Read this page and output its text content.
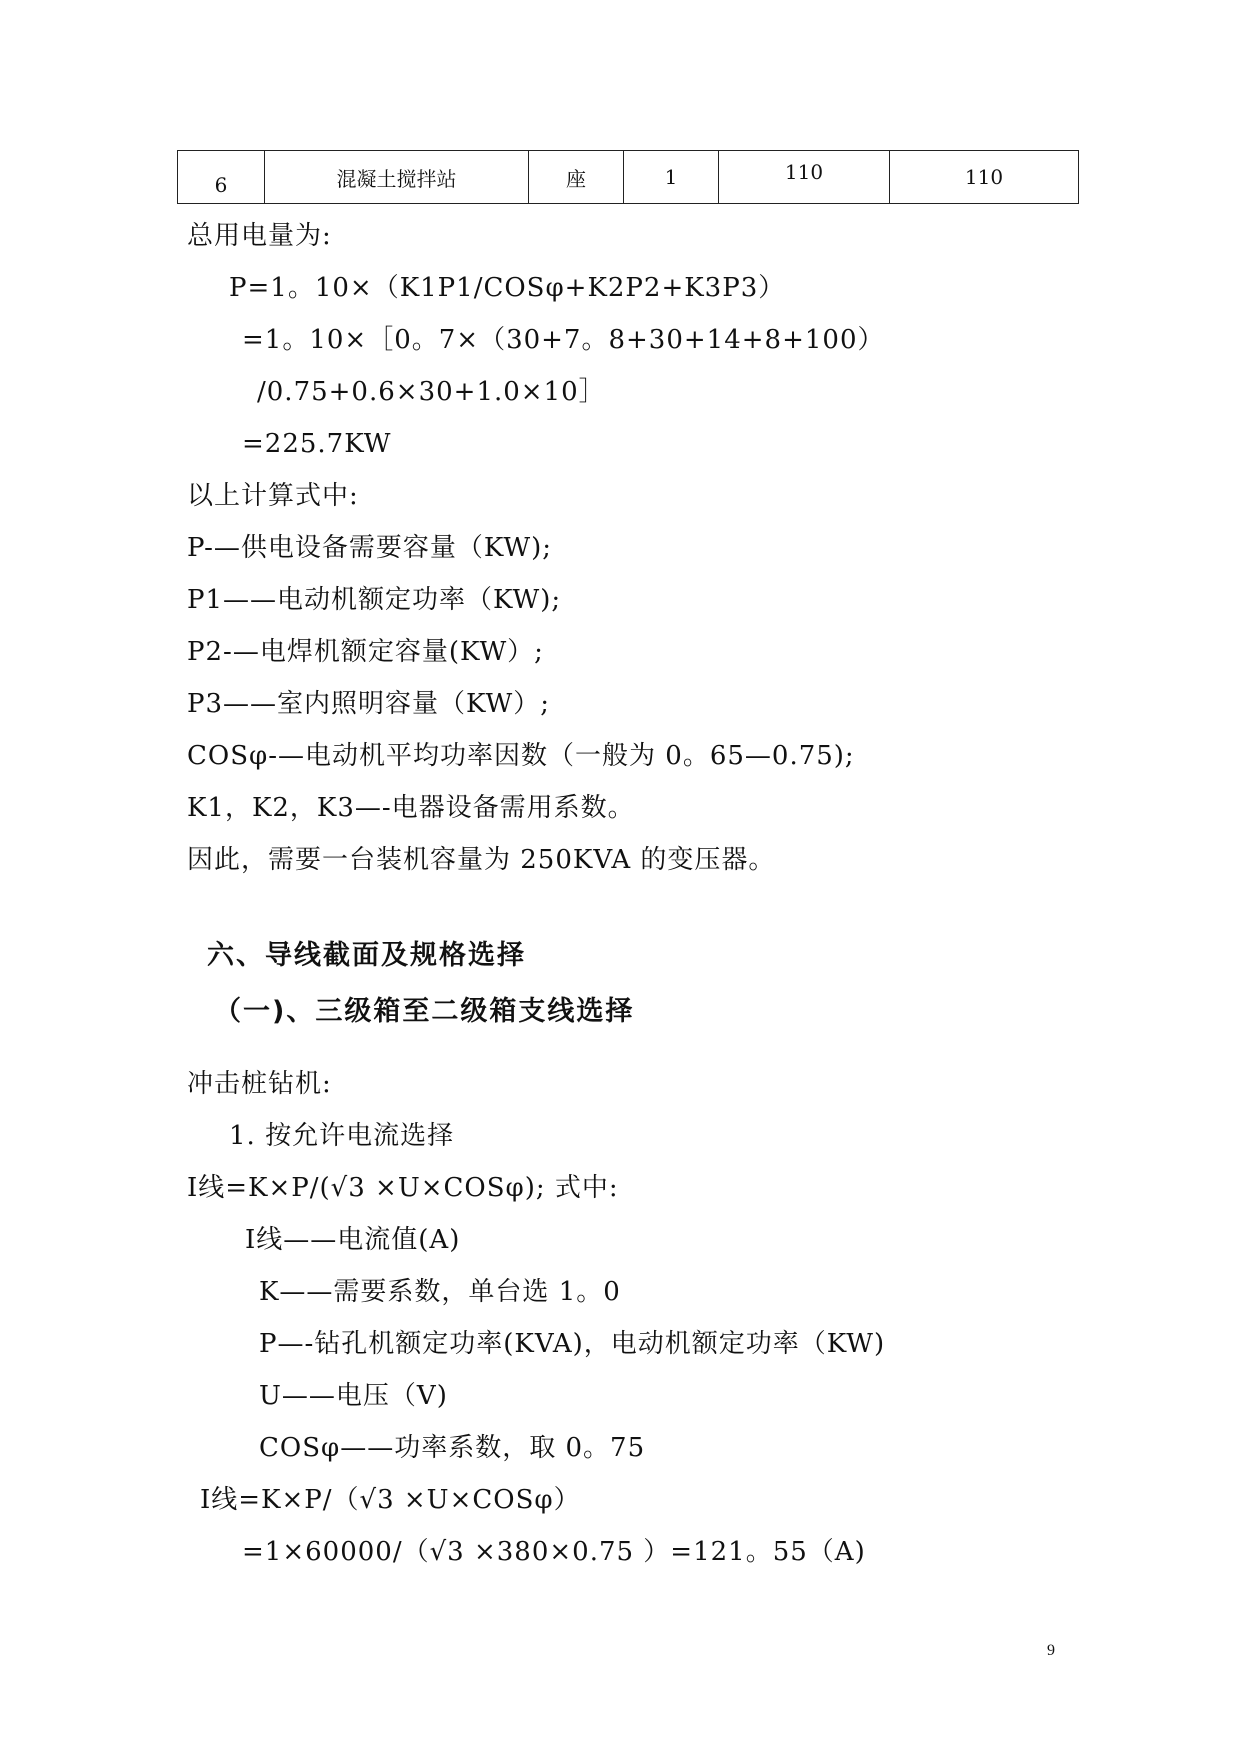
6	混凝土搅拌站	座	1	110	110
总用电量为:
P=1。10×（K1P1/COSφ+K2P2+K3P3）
=1。10×［0。7×（30+7。8+30+14+8+100）
/0.75+0.6×30+1.0×10］
=225.7KW
以上计算式中:
P-—供电设备需要容量（KW);
P1——电动机额定功率（KW);
P2-—电焊机额定容量(KW）;
P3——室内照明容量（KW）;
COSφ-—电动机平均功率因数（一般为 0。65—0.75);
K1，K2，K3—-电器设备需用系数。
因此，需要一台装机容量为 250KVA 的变压器。
六、导线截面及规格选择
（一)、三级箱至二级箱支线选择
冲击桩钻机:
1. 按允许电流选择
I线=K×P/(√3 ×U×COSφ); 式中:
I线——电流值(A)
K——需要系数，单台选 1。0
P—-钻孔机额定功率(KVA)，电动机额定功率（KW)
U——电压（V)
COSφ——功率系数，取 0。75
I线=K×P/（√3 ×U×COSφ）
=1×60000/（√3 ×380×0.75 ）=121。55（A)
9
